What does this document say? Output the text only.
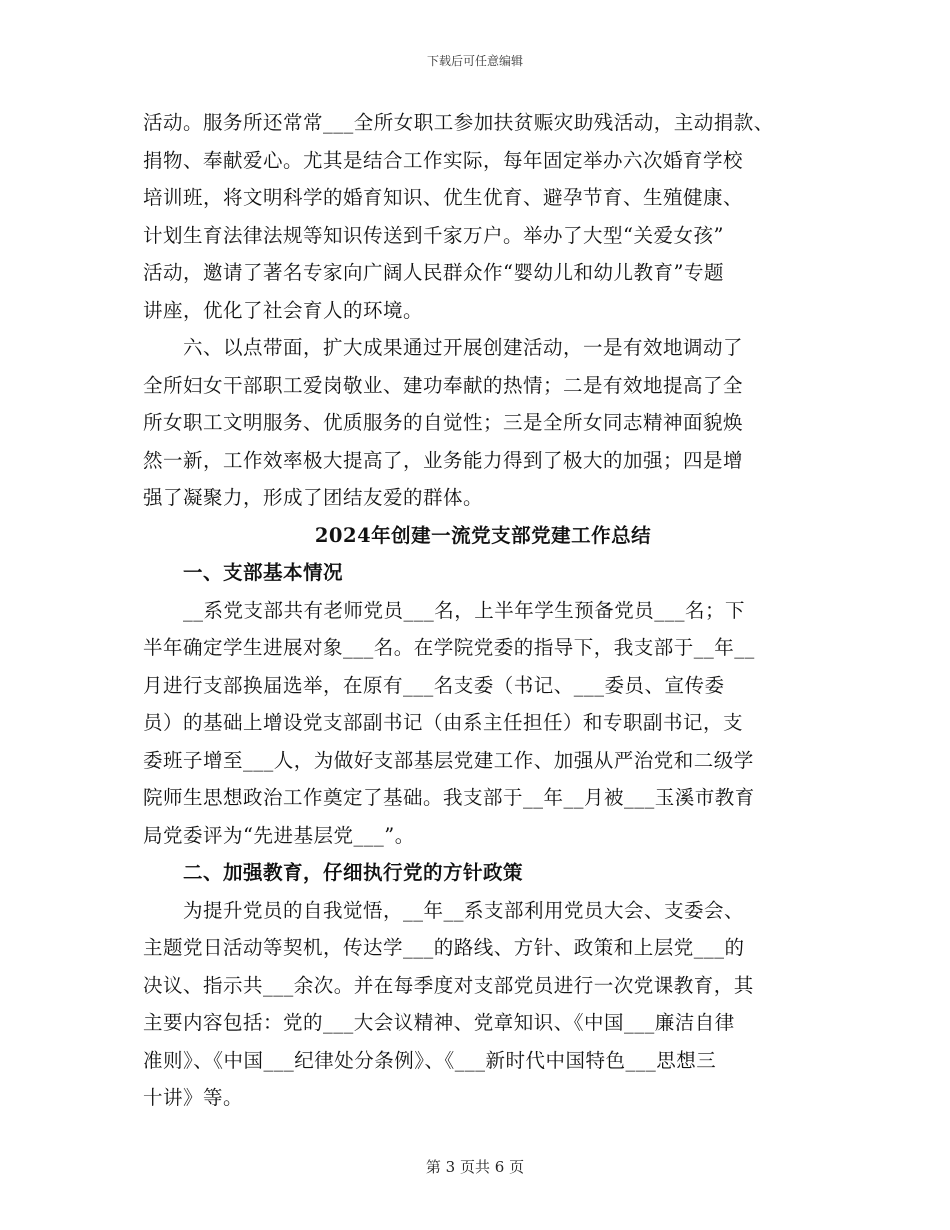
下载后可任意编辑
活动。服务所还常常___全所女职工参加扶贫赈灾助残活动，主动捐款、
捐物、奉献爱心。尤其是结合工作实际，每年固定举办六次婚育学校
培训班，将文明科学的婚育知识、优生优育、避孕节育、生殖健康、
计划生育法律法规等知识传送到千家万户。举办了大型“关爱女孩”
活动，邀请了著名专家向广阔人民群众作“婴幼儿和幼儿教育”专题
讲座，优化了社会育人的环境。
六、以点带面，扩大成果通过开展创建活动，一是有效地调动了
全所妇女干部职工爱岗敬业、建功奉献的热情；二是有效地提高了全
所女职工文明服务、优质服务的自觉性；三是全所女同志精神面貌焕
然一新，工作效率极大提高了，业务能力得到了极大的加强；四是增
强了凝聚力，形成了团结友爱的群体。
2024年创建一流党支部党建工作总结
一、支部基本情况
__系党支部共有老师党员___名，上半年学生预备党员___名；下
半年确定学生进展对象___名。在学院党委的指导下，我支部于__年__
月进行支部换届选举，在原有___名支委（书记、___委员、宣传委
员）的基础上增设党支部副书记（由系主任担任）和专职副书记，支
委班子增至___人，为做好支部基层党建工作、加强从严治党和二级学
院师生思想政治工作奠定了基础。我支部于__年__月被___玉溪市教育
局党委评为“先进基层党___”。
二、加强教育，仔细执行党的方针政策
为提升党员的自我觉悟，__年__系支部利用党员大会、支委会、
主题党日活动等契机，传达学___的路线、方针、政策和上层党___的
决议、指示共___余次。并在每季度对支部党员进行一次党课教育，其
主要内容包括：党的___大会议精神、党章知识、《中国___廉洁自律
准则》、《中国___纪律处分条例》、《___新时代中国特色___思想三
十讲》等。
第 3 页共 6 页
